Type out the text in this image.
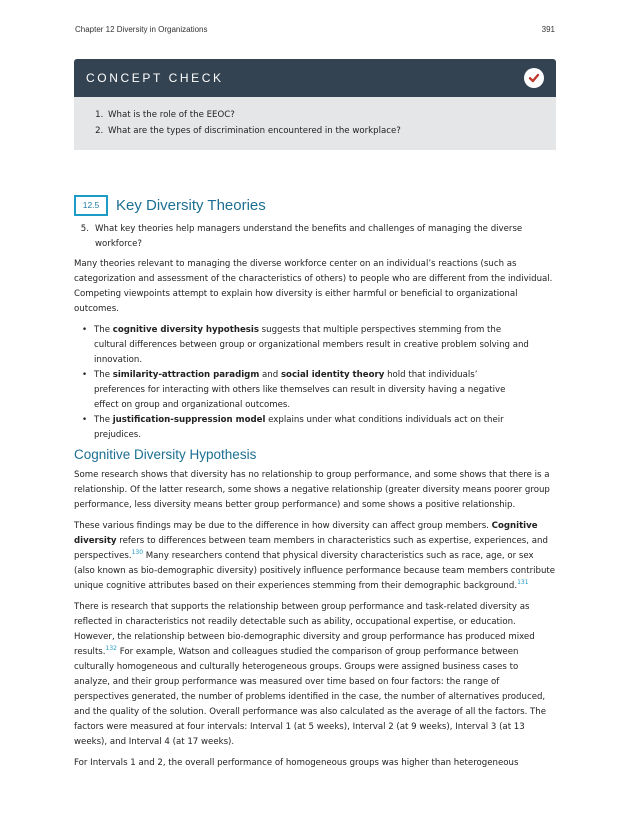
Chapter 12 Diversity in Organizations	391
CONCEPT CHECK
1. What is the role of the EEOC?
2. What are the types of discrimination encountered in the workplace?
12.5	Key Diversity Theories
5. What key theories help managers understand the benefits and challenges of managing the diverse workforce?

Many theories relevant to managing the diverse workforce center on an individual’s reactions (such as categorization and assessment of the characteristics of others) to people who are different from the individual. Competing viewpoints attempt to explain how diversity is either harmful or beneficial to organizational outcomes.

• The cognitive diversity hypothesis suggests that multiple perspectives stemming from the cultural differences between group or organizational members result in creative problem solving and innovation.
• The similarity-attraction paradigm and social identity theory hold that individuals’ preferences for interacting with others like themselves can result in diversity having a negative effect on group and organizational outcomes.
• The justification-suppression model explains under what conditions individuals act on their prejudices.
Cognitive Diversity Hypothesis

Some research shows that diversity has no relationship to group performance, and some shows that there is a relationship. Of the latter research, some shows a negative relationship (greater diversity means poorer group performance, less diversity means better group performance) and some shows a positive relationship.

These various findings may be due to the difference in how diversity can affect group members. Cognitive diversity refers to differences between team members in characteristics such as expertise, experiences, and perspectives.$^{130}$ Many researchers contend that physical diversity characteristics such as race, age, or sex (also known as bio-demographic diversity) positively influence performance because team members contribute unique cognitive attributes based on their experiences stemming from their demographic background.$^{131}$

There is research that supports the relationship between group performance and task-related diversity as reflected in characteristics not readily detectable such as ability, occupational expertise, or education. However, the relationship between bio-demographic diversity and group performance has produced mixed results.$^{132}$ For example, Watson and colleagues studied the comparison of group performance between culturally homogeneous and culturally heterogeneous groups. Groups were assigned business cases to analyze, and their group performance was measured over time based on four factors: the range of perspectives generated, the number of problems identified in the case, the number of alternatives produced, and the quality of the solution. Overall performance was also calculated as the average of all the factors. The factors were measured at four intervals: Interval 1 (at 5 weeks), Interval 2 (at 9 weeks), Interval 3 (at 13 weeks), and Interval 4 (at 17 weeks).

For Intervals 1 and 2, the overall performance of homogeneous groups was higher than heterogeneous
